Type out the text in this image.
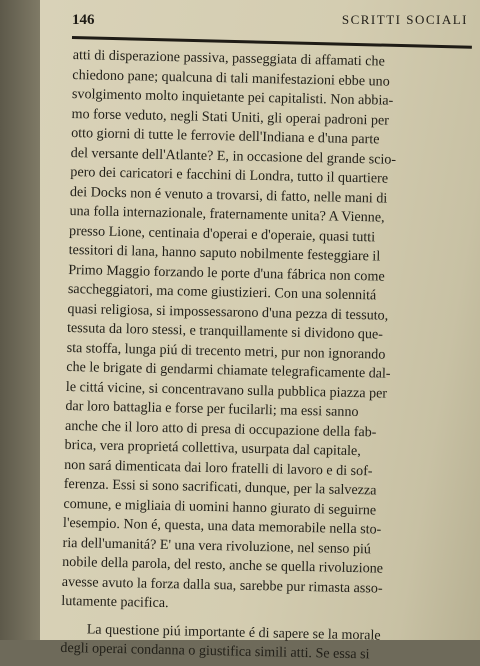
146	SCRITTI SOCIALI
atti di disperazione passiva, passeggiata di affamati che
chiedono pane; qualcuna di tali manifestazioni ebbe uno
svolgimento molto inquietante pei capitalisti. Non abbia-
mo forse veduto, negli Stati Uniti, gli operai padroni per
otto giorni di tutte le ferrovie dell'Indiana e d'una parte
del versante dell'Atlante? E, in occasione del grande scio-
pero dei caricatori e facchini di Londra, tutto il quartiere
dei Docks non é venuto a trovarsi, di fatto, nelle mani di
una folla internazionale, fraternamente unita? A Vienne,
presso Lione, centinaia d'operai e d'operaie, quasi tutti
tessitori di lana, hanno saputo nobilmente festeggiare il
Primo Maggio forzando le porte d'una fábrica non come
saccheggiatori, ma come giustizieri. Con una solennitá
quasi religiosa, si impossessarono d'una pezza di tessuto,
tessuta da loro stessi, e tranquillamente si dividono que-
sta stoffa, lunga piú di trecento metri, pur non ignorando
che le brigate di gendarmi chiamate telegraficamente dal-
le cittá vicine, si concentravano sulla pubblica piazza per
dar loro battaglia e forse per fucilarli; ma essi sanno
anche che il loro atto di presa di occupazione della fab-
brica, vera proprietá collettiva, usurpata dal capitale,
non sará dimenticata dai loro fratelli di lavoro e di sof-
ferenza. Essi si sono sacrificati, dunque, per la salvezza
comune, e migliaia di uomini hanno giurato di seguirne
l'esempio. Non é, questa, una data memorabile nella sto-
ria dell'umanitá? E' una vera rivoluzione, nel senso piú
nobile della parola, del resto, anche se quella rivoluzione
avesse avuto la forza dalla sua, sarebbe pur rimasta asso-
lutamente pacifica.
La questione piú importante é di sapere se la morale
degli operai condanna o giustifica simili atti. Se essa si
